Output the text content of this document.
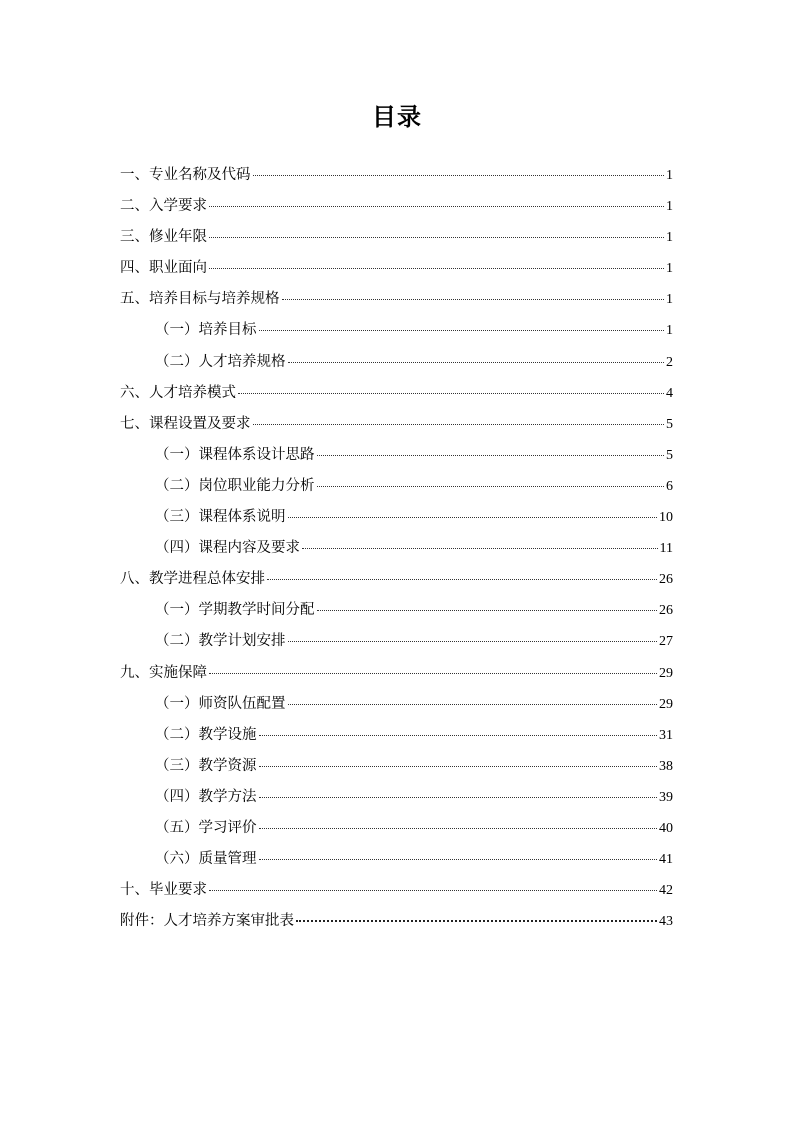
目录
一、专业名称及代码	1
二、入学要求	1
三、修业年限	1
四、职业面向	1
五、培养目标与培养规格	1
（一）培养目标	1
（二）人才培养规格	2
六、人才培养模式	4
七、课程设置及要求	5
（一）课程体系设计思路	5
（二）岗位职业能力分析	6
（三）课程体系说明	10
（四）课程内容及要求	11
八、教学进程总体安排	26
（一）学期教学时间分配	26
（二）教学计划安排	27
九、实施保障	29
（一）师资队伍配置	29
（二）教学设施	31
（三）教学资源	38
（四）教学方法	39
（五）学习评价	40
（六）质量管理	41
十、毕业要求	42
附件：人才培养方案审批表	43
